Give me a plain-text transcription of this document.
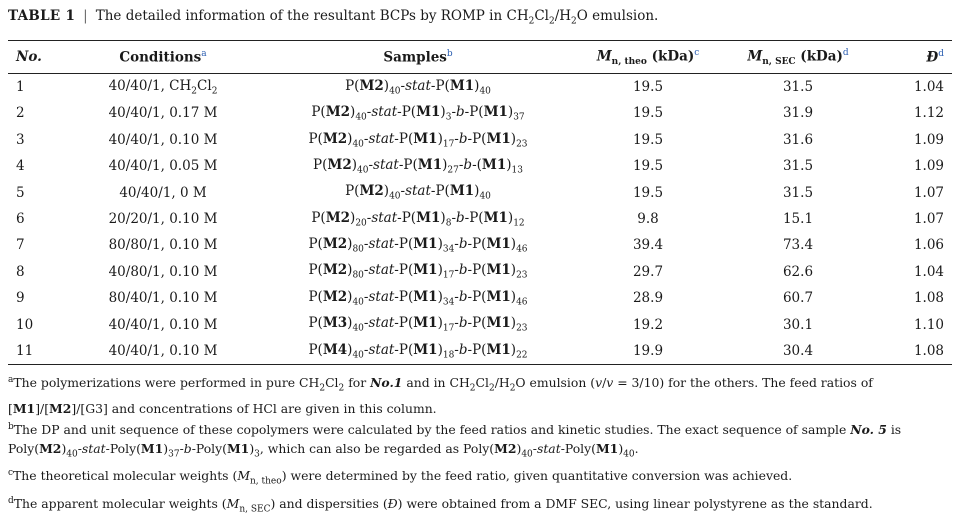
TABLE 1 | The detailed information of the resultant BCPs by ROMP in $CH_2Cl_2/H_2O$ emulsion.
No.	Conditions$^a$	Samples$^b$	$M_{n, theo}$ (kDa)$^c$	$M_{n, SEC}$ (kDa)$^d$	$Đ^d$
1	40/40/1, $CH_2Cl_2$	$P(M2)_{40}-stat-P(M1)_{40}$	19.5	31.5	1.04
2	40/40/1, 0.17 M	$P(M2)_{40}-stat-P(M1)_3-b-P(M1)_{37}$	19.5	31.9	1.12
3	40/40/1, 0.10 M	$P(M2)_{40}-stat-P(M1)_{17}-b-P(M1)_{23}$	19.5	31.6	1.09
4	40/40/1, 0.05 M	$P(M2)_{40}-stat-P(M1)_{27}-b-(M1)_{13}$	19.5	31.5	1.09
5	40/40/1, 0 M	$P(M2)_{40}-stat-P(M1)_{40}$	19.5	31.5	1.07
6	20/20/1, 0.10 M	$P(M2)_{20}-stat-P(M1)_8-b-P(M1)_{12}$	9.8	15.1	1.07
7	80/80/1, 0.10 M	$P(M2)_{80}-stat-P(M1)_{34}-b-P(M1)_{46}$	39.4	73.4	1.06
8	40/80/1, 0.10 M	$P(M2)_{80}-stat-P(M1)_{17}-b-P(M1)_{23}$	29.7	62.6	1.04
9	80/40/1, 0.10 M	$P(M2)_{40}-stat-P(M1)_{34}-b-P(M1)_{46}$	28.9	60.7	1.08
10	40/40/1, 0.10 M	$P(M3)_{40}-stat-P(M1)_{17}-b-P(M1)_{23}$	19.2	30.1	1.10
11	40/40/1, 0.10 M	$P(M4)_{40}-stat-P(M1)_{18}-b-P(M1)_{22}$	19.9	30.4	1.08
$^a$The polymerizations were performed in pure $CH_2Cl_2$ for No.1 and in $CH_2Cl_2/H_2O$ emulsion (v/v = 3/10) for the others. The feed ratios of [M1]/[M2]/[G3] and concentrations of HCl are given in this column.
$^b$The DP and unit sequence of these copolymers were calculated by the feed ratios and kinetic studies. The exact sequence of sample No. 5 is $Poly(M2)_{40}-stat-Poly(M1)_{37}-b-Poly(M1)_3$, which can also be regarded as $Poly(M2)_{40}-stat-Poly(M1)_{40}$.
$^c$The theoretical molecular weights $(M_{n, theo})$ were determined by the feed ratio, given quantitative conversion was achieved.
$^d$The apparent molecular weights $(M_{n, SEC})$ and dispersities (Đ) were obtained from a DMF SEC, using linear polystyrene as the standard.
